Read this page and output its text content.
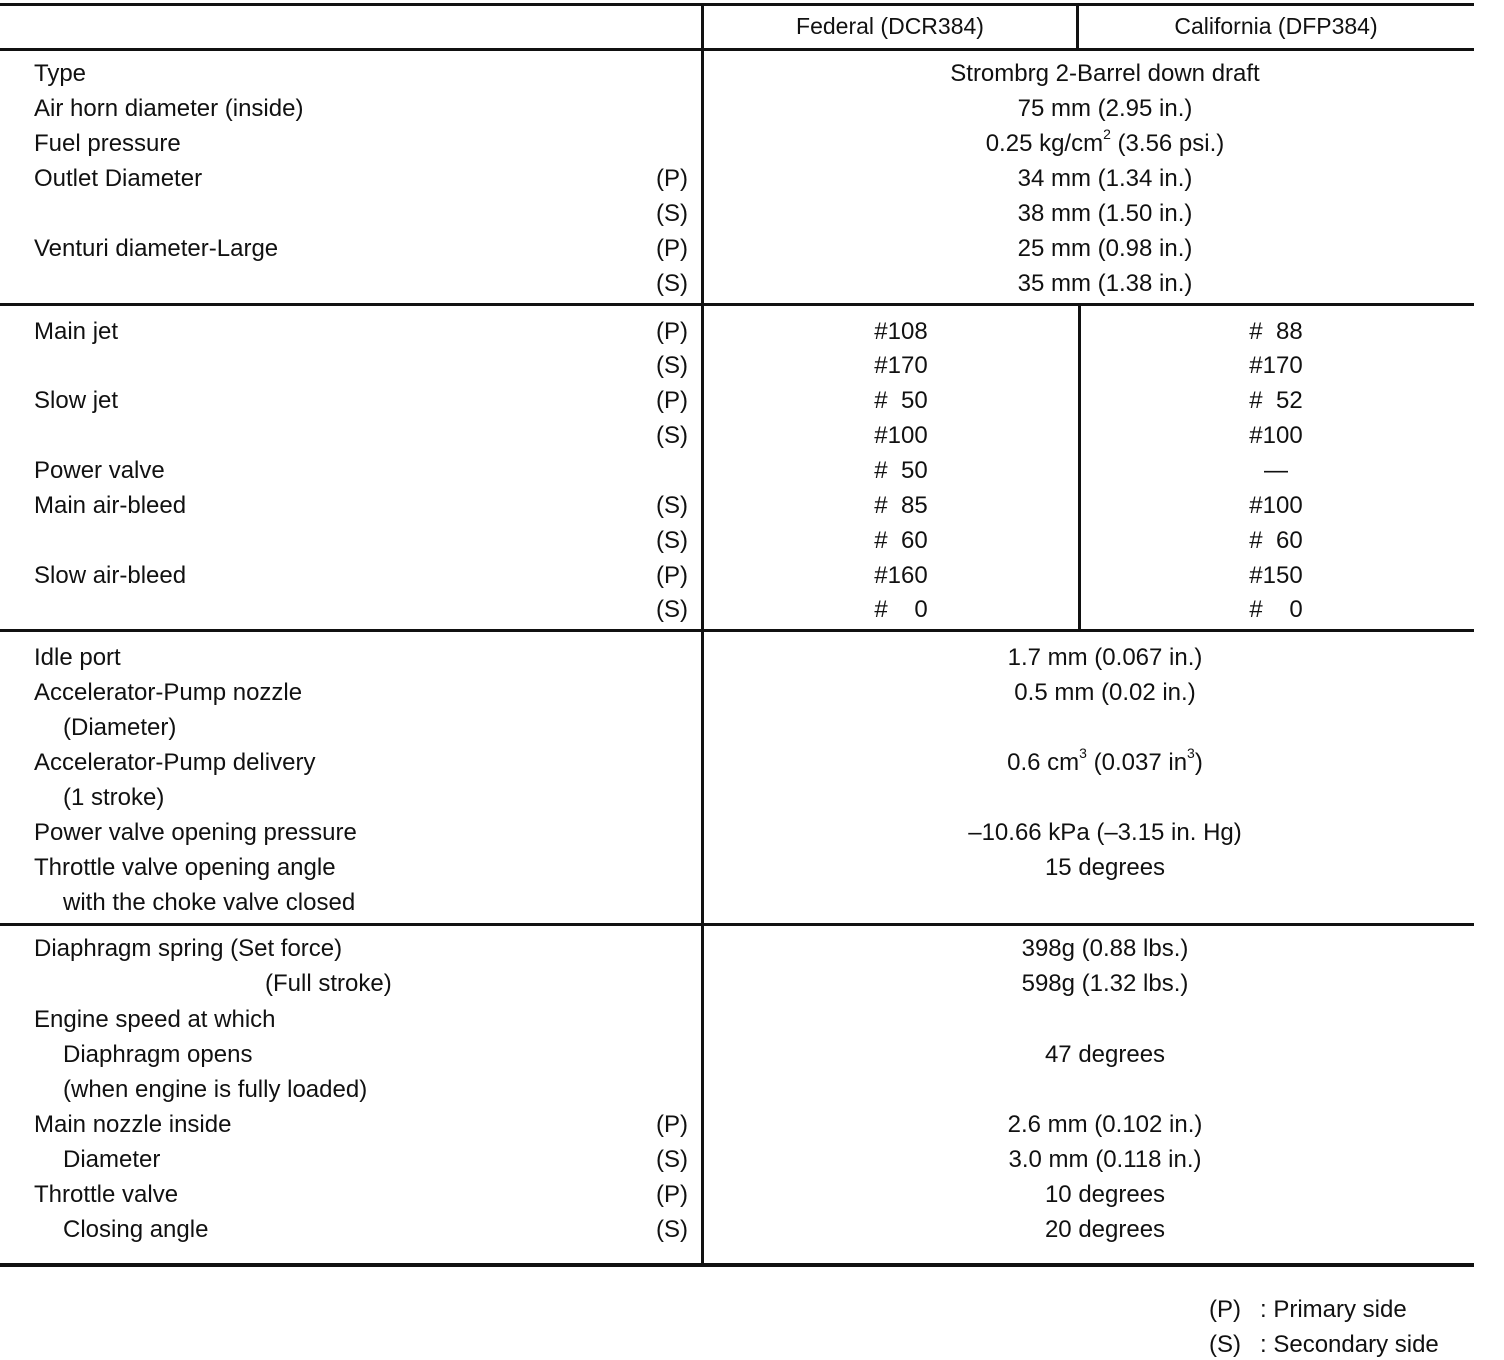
Federal (DCR384)	California (DFP384)
Type	Strombrg 2-Barrel down draft
Air horn diameter (inside)	75 mm (2.95 in.)
Fuel pressure	0.25 $kg/cm^2$ (3.56 psi.)
Outlet Diameter	(P)	34 mm (1.34 in.)
(S)	38 mm (1.50 in.)
Venturi diameter-Large	(P)	25 mm (0.98 in.)
(S)	35 mm (1.38 in.)
Main jet	(P)	#108	#  88
(S)	#170	#170
Slow jet	(P)	#  50	#  52
(S)	#100	#100
Power valve	#  50	—
Main air-bleed	(S)	#  85	#100
(S)	#  60	#  60
Slow air-bleed	(P)	#160	#150
(S)	#    0	#    0
Idle port	1.7 mm (0.067 in.)
Accelerator-Pump nozzle	0.5 mm (0.02 in.)
(Diameter)
Accelerator-Pump delivery	0.6 $cm^3$ (0.037 $in^3$)
(1 stroke)
Power valve opening pressure	–10.66 kPa (–3.15 in. Hg)
Throttle valve opening angle	15 degrees
with the choke valve closed
Diaphragm spring (Set force)	398g (0.88 lbs.)
(Full stroke)	598g (1.32 lbs.)
Engine speed at which
Diaphragm opens	47 degrees
(when engine is fully loaded)
Main nozzle inside	(P)	2.6 mm (0.102 in.)
Diameter	(S)	3.0 mm (0.118 in.)
Throttle valve	(P)	10 degrees
Closing angle	(S)	20 degrees
(P) : Primary side
(S) : Secondary side
